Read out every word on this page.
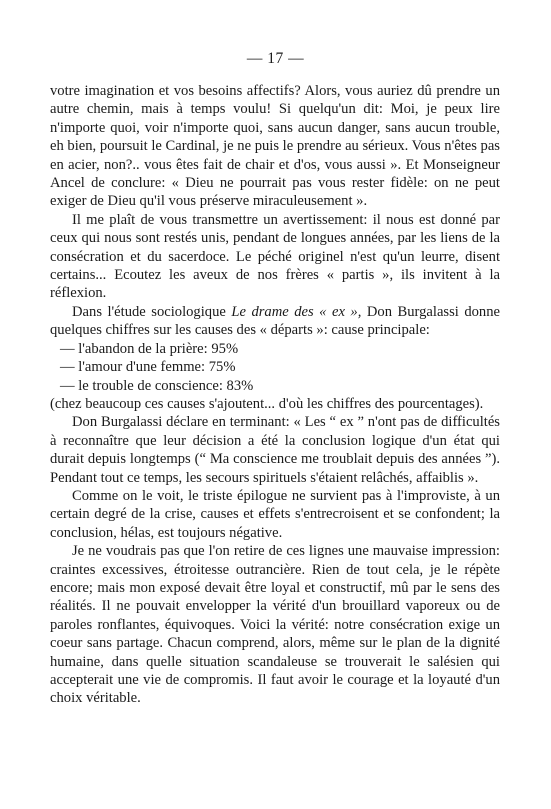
— 17 —

votre imagination et vos besoins affectifs? Alors, vous auriez dû prendre un autre chemin, mais à temps voulu! Si quelqu'un dit: Moi, je peux lire n'importe quoi, voir n'importe quoi, sans aucun danger, sans aucun trouble, eh bien, poursuit le Cardinal, je ne puis le prendre au sérieux. Vous n'êtes pas en acier, non?.. vous êtes fait de chair et d'os, vous aussi ». Et Monseigneur Ancel de conclure: « Dieu ne pourrait pas vous rester fidèle: on ne peut exiger de Dieu qu'il vous préserve miraculeusement ».

Il me plaît de vous transmettre un avertissement: il nous est donné par ceux qui nous sont restés unis, pendant de longues années, par les liens de la consécration et du sacerdoce. Le péché originel n'est qu'un leurre, disent certains... Ecoutez les aveux de nos frères « partis », ils invitent à la réflexion.

Dans l'étude sociologique Le drame des « ex », Don Burgalassi donne quelques chiffres sur les causes des « départs »: cause principale:

— l'abandon de la prière: 95%

— l'amour d'une femme: 75%

— le trouble de conscience: 83%

(chez beaucoup ces causes s'ajoutent... d'où les chiffres des pourcentages).

Don Burgalassi déclare en terminant: « Les “ ex ” n'ont pas de difficultés à reconnaître que leur décision a été la conclusion logique d'un état qui durait depuis longtemps (“ Ma conscience me troublait depuis des années ”). Pendant tout ce temps, les secours spirituels s'étaient relâchés, affaiblis ».

Comme on le voit, le triste épilogue ne survient pas à l'improviste, à un certain degré de la crise, causes et effets s'entrecroisent et se confondent; la conclusion, hélas, est toujours négative.

Je ne voudrais pas que l'on retire de ces lignes une mauvaise impression: craintes excessives, étroitesse outrancière. Rien de tout cela, je le répète encore; mais mon exposé devait être loyal et constructif, mû par le sens des réalités. Il ne pouvait envelopper la vérité d'un brouillard vaporeux ou de paroles ronflantes, équivoques. Voici la vérité: notre consécration exige un coeur sans partage. Chacun comprend, alors, même sur le plan de la dignité humaine, dans quelle situation scandaleuse se trouverait le salésien qui accepterait une vie de compromis. Il faut avoir le courage et la loyauté d'un choix véritable.
